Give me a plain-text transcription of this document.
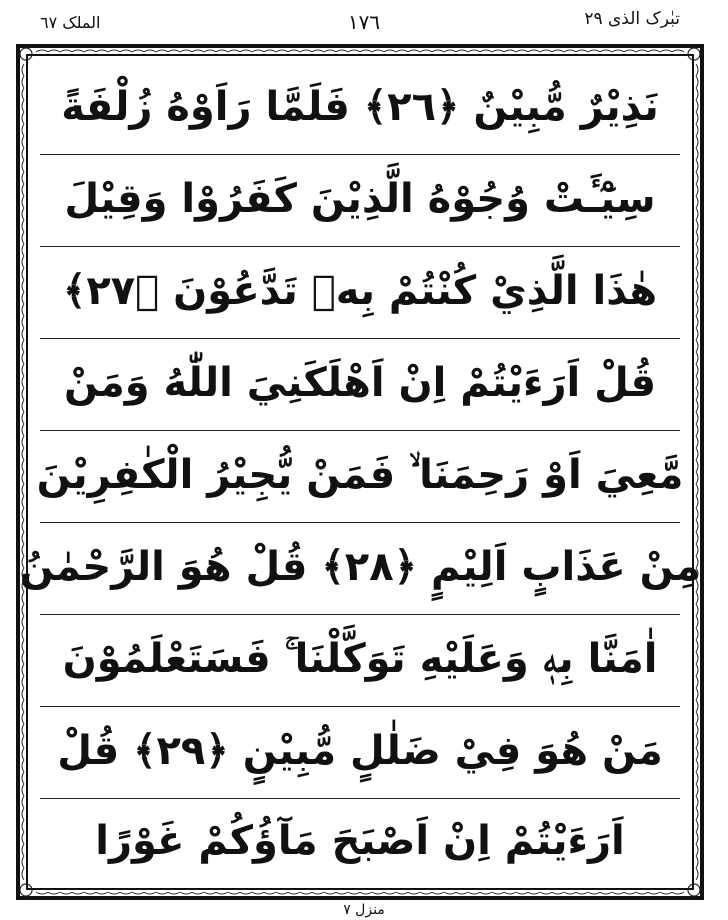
الملک ٦٧	١٧٦	تبٰرک الذی ٢٩
نَذِيْرٌ مُّبِيْنٌ ﴿٢٦﴾ فَلَمَّا رَاَوْهُ زُلْفَةً
سِيْٓـَٔتْ وُجُوْهُ الَّذِيْنَ كَفَرُوْا وَقِيْلَ
هٰذَا الَّذِيْ كُنْتُمْ بِهٖ تَدَّعُوْنَ ﴿٢٧﴾
قُلْ اَرَءَيْتُمْ اِنْ اَهْلَكَنِيَ اللّٰهُ وَمَنْ
مَّعِيَ اَوْ رَحِمَنَا ۙ فَمَنْ يُّجِيْرُ الْكٰفِرِيْنَ
مِنْ عَذَابٍ اَلِيْمٍ ﴿٢٨﴾ قُلْ هُوَ الرَّحْمٰنُ
اٰمَنَّا بِهٖ وَعَلَيْهِ تَوَكَّلْنَا ۚ فَسَتَعْلَمُوْنَ
مَنْ هُوَ فِيْ ضَلٰلٍ مُّبِيْنٍ ﴿٢٩﴾ قُلْ
اَرَءَيْتُمْ اِنْ اَصْبَحَ مَآؤُكُمْ غَوْرًا
منزل ٧
